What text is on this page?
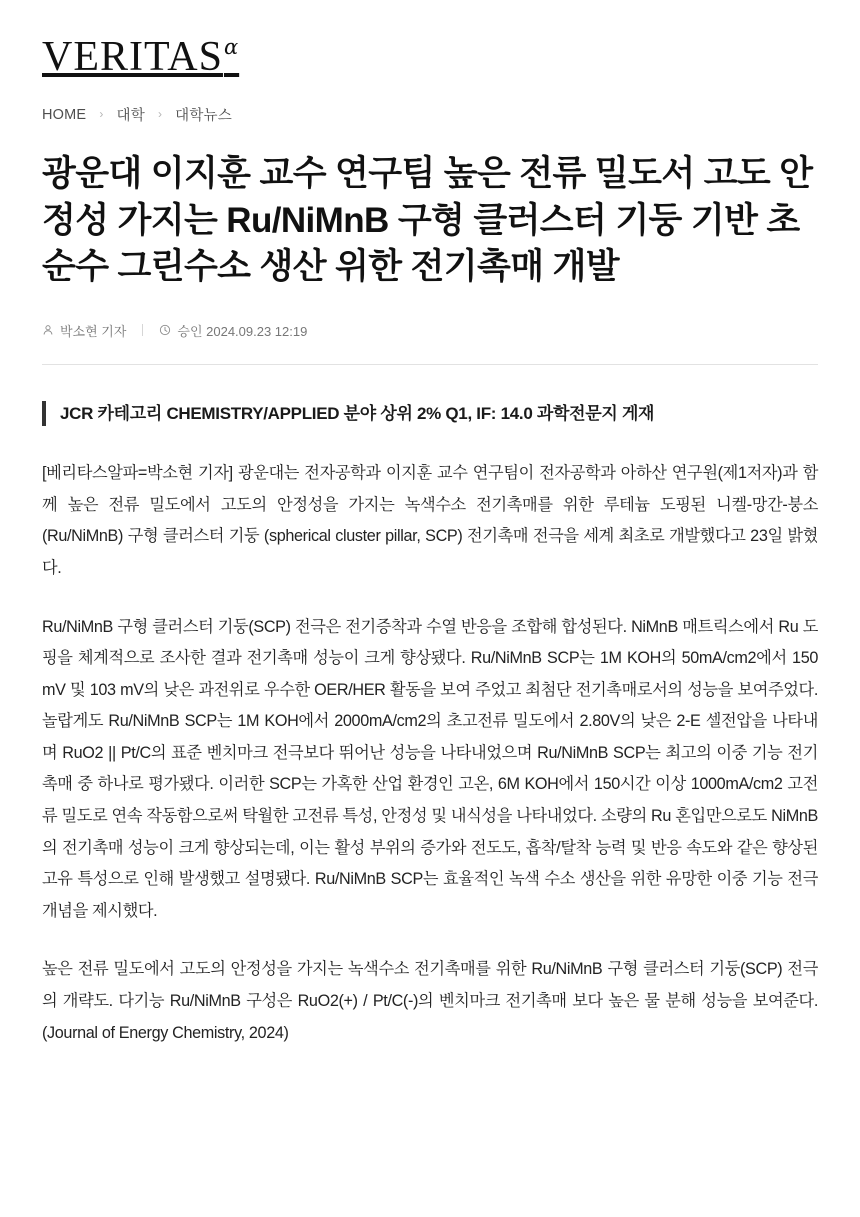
VERITAS$^\alpha$
HOME › 대학 › 대학뉴스
광운대 이지훈 교수 연구팀 높은 전류 밀도서 고도 안정성 가지는 Ru/NiMnB 구형 클러스터 기둥 기반 초순수 그린수소 생산 위한 전기촉매 개발
박소현 기자	승인 2024.09.23 12:19
JCR 카테고리 CHEMISTRY/APPLIED 분야 상위 2% Q1, IF: 14.0 과학전문지 게재

[베리타스알파=박소현 기자] 광운대는 전자공학과 이지훈 교수 연구팀이 전자공학과 아하산 연구원(제1저자)과 함께 높은 전류 밀도에서 고도의 안정성을 가지는 녹색수소 전기촉매를 위한 루테늄 도핑된 니켈-망간-붕소 (Ru/NiMnB) 구형 클러스터 기둥 (spherical cluster pillar, SCP) 전기촉매 전극을 세계 최초로 개발했다고 23일 밝혔다.

Ru/NiMnB 구형 클러스터 기둥(SCP) 전극은 전기증착과 수열 반응을 조합해 합성된다. NiMnB 매트릭스에서 Ru 도핑을 체계적으로 조사한 결과 전기촉매 성능이 크게 향상됐다. Ru/NiMnB SCP는 1M KOH의 50mA/cm2에서 150 mV 및 103 mV의 낮은 과전위로 우수한 OER/HER 활동을 보여 주었고 최첨단 전기촉매로서의 성능을 보여주었다. 놀랍게도 Ru/NiMnB SCP는 1M KOH에서 2000mA/cm2의 초고전류 밀도에서 2.80V의 낮은 2-E 셀전압을 나타내며 RuO2 || Pt/C의 표준 벤치마크 전극보다 뛰어난 성능을 나타내었으며 Ru/NiMnB SCP는 최고의 이중 기능 전기촉매 중 하나로 평가됐다. 이러한 SCP는 가혹한 산업 환경인 고온, 6M KOH에서 150시간 이상 1000mA/cm2 고전류 밀도로 연속 작동함으로써 탁월한 고전류 특성, 안정성 및 내식성을 나타내었다. 소량의 Ru 혼입만으로도 NiMnB의 전기촉매 성능이 크게 향상되는데, 이는 활성 부위의 증가와 전도도, 흡착/탈착 능력 및 반응 속도와 같은 향상된 고유 특성으로 인해 발생했고 설명됐다. Ru/NiMnB SCP는 효율적인 녹색 수소 생산을 위한 유망한 이중 기능 전극 개념을 제시했다.

높은 전류 밀도에서 고도의 안정성을 가지는 녹색수소 전기촉매를 위한 Ru/NiMnB 구형 클러스터 기둥(SCP) 전극의 개략도. 다기능 Ru/NiMnB 구성은 RuO2(+) / Pt/C(-)의 벤치마크 전기촉매 보다 높은 물 분해 성능을 보여준다. (Journal of Energy Chemistry, 2024)
